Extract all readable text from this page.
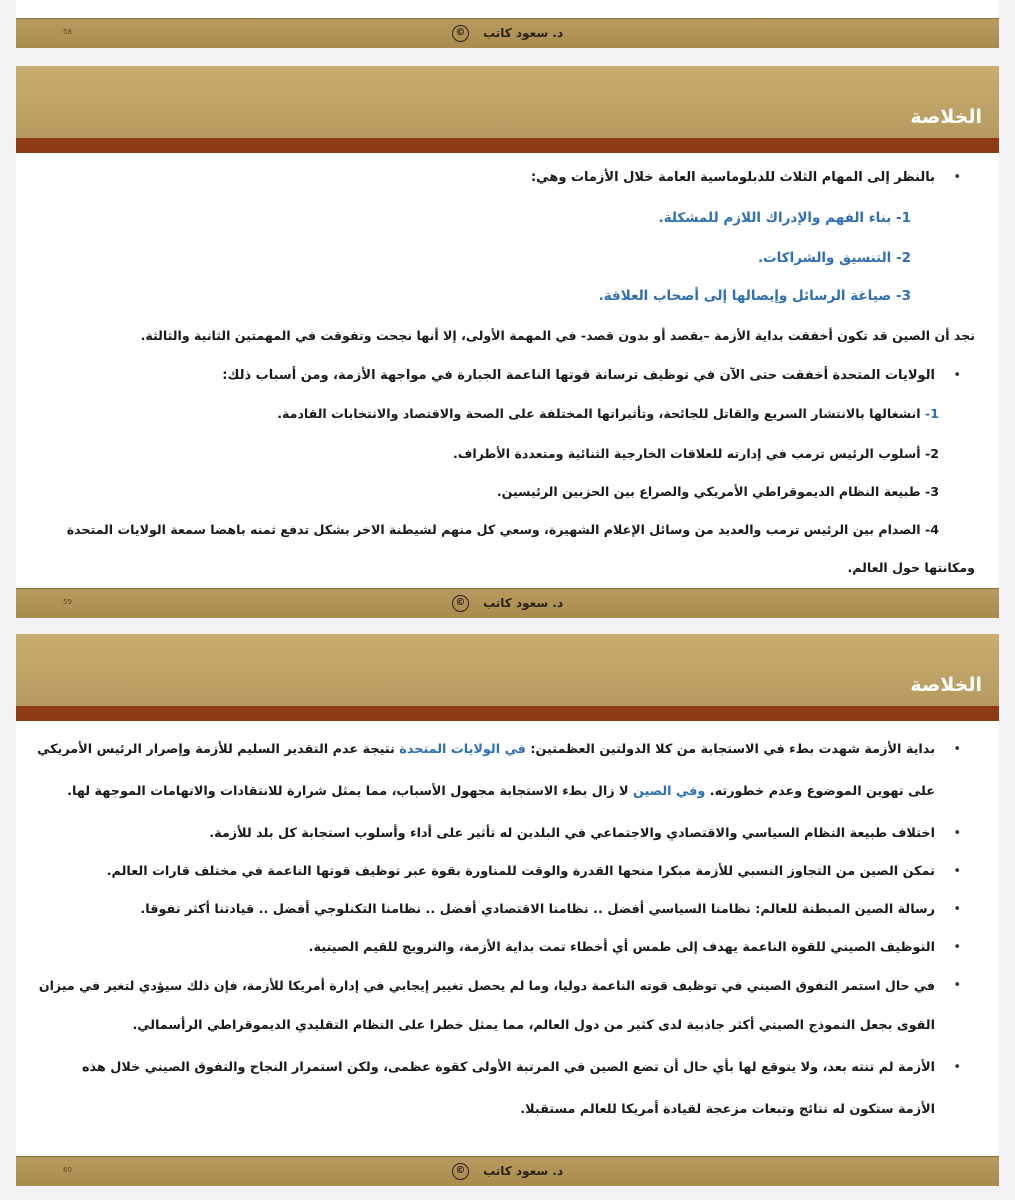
58	د. سعود كاتب ©
الخلاصة
بالنظر إلى المهام الثلاث للدبلوماسية العامة خلال الأزمات وهي: •
1- بناء الفهم والإدراك اللازم للمشكلة.
2- التنسيق والشراكات.
3- صياغة الرسائل وإيصالها إلى أصحاب العلاقة.
نجد أن الصين قد تكون أخفقت بداية الأزمة –بقصد أو بدون قصد- في المهمة الأولى، إلا أنها نجحت وتفوقت في المهمتين الثانية والثالثة.
الولايات المتحدة أخفقت حتى الآن في توظيف ترسانة قوتها الناعمة الجبارة في مواجهة الأزمة، ومن أسباب ذلك: •
1- انشغالها بالانتشار السريع والقاتل للجائحة، وتأثيراتها المختلفة على الصحة والاقتصاد والانتخابات القادمة.
2- أسلوب الرئيس ترمب في إدارته للعلاقات الخارجية الثنائية ومتعددة الأطراف.
3- طبيعة النظام الديموقراطي الأمريكي والصراع بين الحزبين الرئيسين.
4- الصدام بين الرئيس ترمب والعديد من وسائل الإعلام الشهيرة، وسعي كل منهم لشيطنة الاخر بشكل تدفع ثمنه باهضا سمعة الولايات المتحدة
ومكانتها حول العالم.
59	د. سعود كاتب ©
الخلاصة
•
بداية الأزمة شهدت بطء في الاستجابة من كلا الدولتين العظمتين: في الولايات المتحدة نتيجة عدم التقدير السليم للأزمة وإصرار الرئيس الأمريكي
على تهوين الموضوع وعدم خطورته. وفي الصين لا زال بطء الاستجابة مجهول الأسباب، مما يمثل شرارة للانتقادات والاتهامات الموجهة لها.
•
اختلاف طبيعة النظام السياسي والاقتصادي والاجتماعي في البلدين له تأثير على أداء وأسلوب استجابة كل بلد للأزمة.
•
تمكن الصين من التجاوز النسبي للأزمة مبكرا منحها القدرة والوقت للمناورة بقوة عبر توظيف قوتها الناعمة في مختلف قارات العالم.
•
رسالة الصين المبطنة للعالم: نظامنا السياسي أفضل .. نظامنا الاقتصادي أفضل .. نظامنا التكنلوجي أفضل .. قيادتنا أكثر تفوقا.
•
التوظيف الصيني للقوة الناعمة يهدف إلى طمس أي أخطاء تمت بداية الأزمة، والترويج للقيم الصينية.
•
في حال استمر التفوق الصيني في توظيف قوته الناعمة دوليا، وما لم يحصل تغيير إيجابي في إدارة أمريكا للأزمة، فإن ذلك سيؤدي لتغير في ميزان
القوى بجعل النموذج الصيني أكثر جاذبية لدى كثير من دول العالم، مما يمثل خطرا على النظام التقليدي الديموقراطي الرأسمالي.
•
الأزمة لم تنته بعد، ولا يتوقع لها بأي حال أن تضع الصين في المرتبة الأولى كقوة عظمى، ولكن استمرار النجاح والتفوق الصيني خلال هذه
الأزمة ستكون له نتائج وتبعات مزعجة لقيادة أمريكا للعالم مستقبلا.
60	د. سعود كاتب ©
